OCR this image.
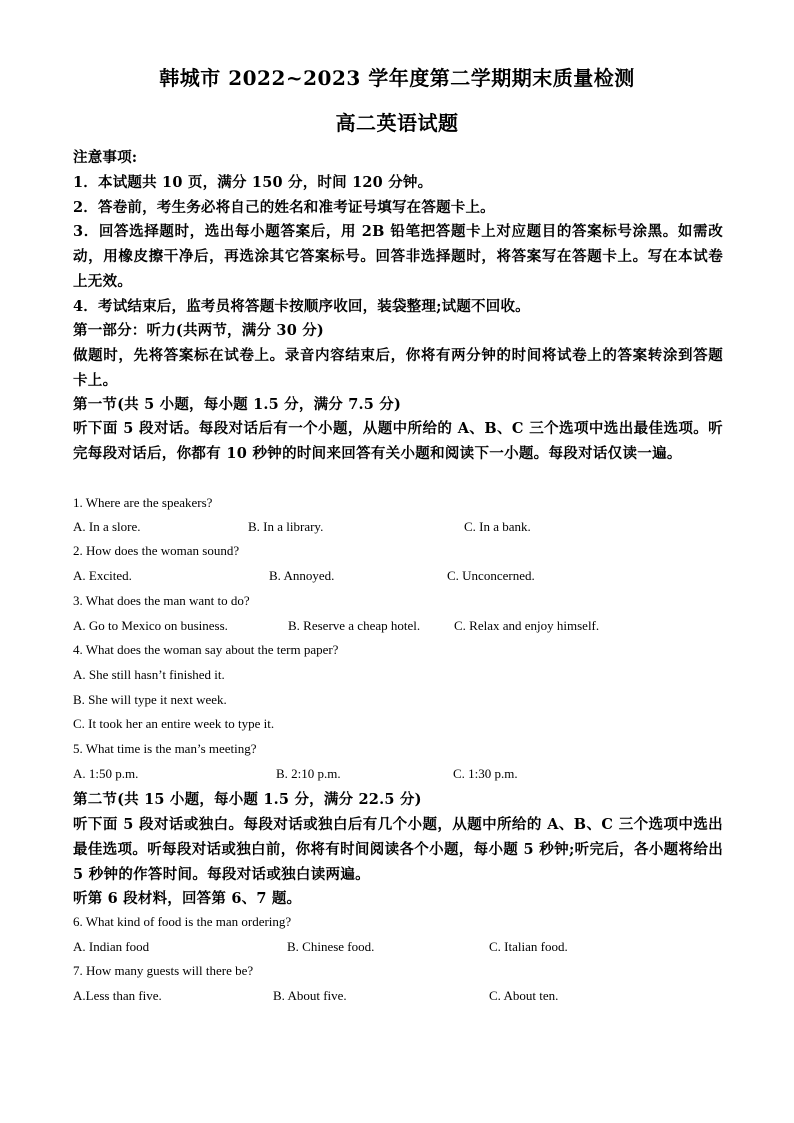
韩城市 2022~2023 学年度第二学期期末质量检测
高二英语试题
注意事项:
1．本试题共 10 页，满分 150 分，时间 120 分钟。
2．答卷前，考生务必将自己的姓名和准考证号填写在答题卡上。
3．回答选择题时，选出每小题答案后，用 2B 铅笔把答题卡上对应题目的答案标号涂黑。如需改动，用橡皮擦干净后，再选涂其它答案标号。回答非选择题时，将答案写在答题卡上。写在本试卷上无效。
4．考试结束后，监考员将答题卡按顺序收回，装袋整理;试题不回收。
第一部分：听力(共两节，满分 30 分)
做题时，先将答案标在试卷上。录音内容结束后，你将有两分钟的时间将试卷上的答案转涂到答题卡上。
第一节(共 5 小题，每小题 1.5 分，满分 7.5 分)
听下面 5 段对话。每段对话后有一个小题，从题中所给的 A、B、C 三个选项中选出最佳选项。听完每段对话后，你都有 10 秒钟的时间来回答有关小题和阅读下一小题。每段对话仅读一遍。
1. Where are the speakers?
A. In a slore.	B. In a library.	C. In a bank.
2. How does the woman sound?
A. Excited.	B. Annoyed.	C. Unconcerned.
3. What does the man want to do?
A. Go to Mexico on business.	B. Reserve a cheap hotel.	C. Relax and enjoy himself.
4. What does the woman say about the term paper?
A. She still hasn’t finished it.
B. She will type it next week.
C. It took her an entire week to type it.
5. What time is the man’s meeting?
A. 1:50 p.m.	B. 2:10 p.m.	C. 1:30 p.m.
第二节(共 15 小题，每小题 1.5 分，满分 22.5 分)
听下面 5 段对话或独白。每段对话或独白后有几个小题，从题中所给的 A、B、C 三个选项中选出最佳选项。听每段对话或独白前，你将有时间阅读各个小题，每小题 5 秒钟;听完后，各小题将给出 5 秒钟的作答时间。每段对话或独白读两遍。
听第 6 段材料，回答第 6、7 题。
6. What kind of food is the man ordering?
A. Indian food	B. Chinese food.	C. Italian food.
7. How many guests will there be?
A.Less than five.	B. About five.	C. About ten.
